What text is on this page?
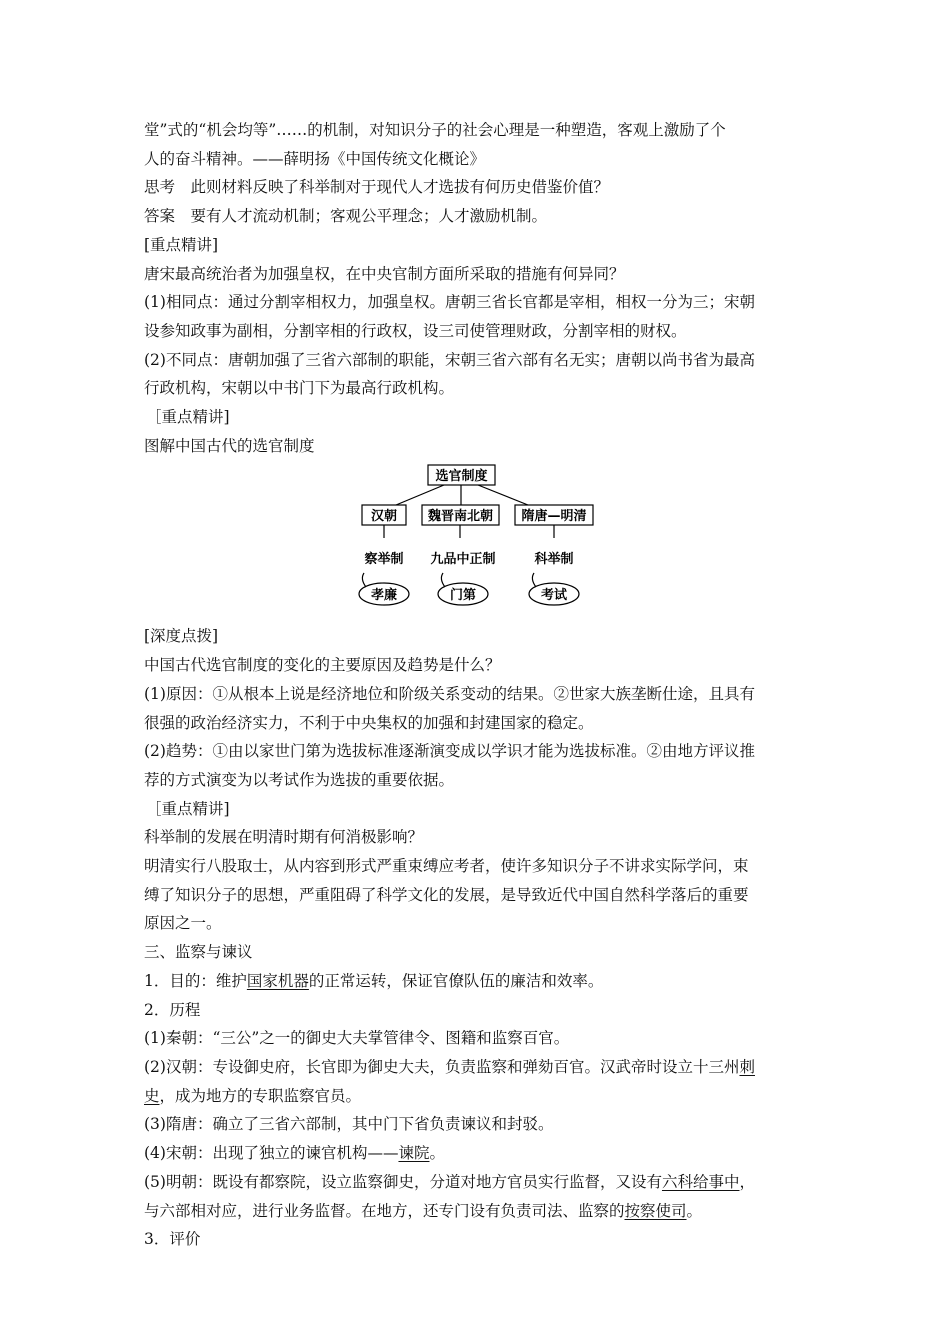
堂”式的“机会均等”……的机制，对知识分子的社会心理是一种塑造，客观上激励了个

人的奋斗精神。——薛明扬《中国传统文化概论》

思考　此则材料反映了科举制对于现代人才选拔有何历史借鉴价值？

答案　要有人才流动机制；客观公平理念；人才激励机制。

[重点精讲]

唐宋最高统治者为加强皇权，在中央官制方面所采取的措施有何异同？

(1)相同点：通过分割宰相权力，加强皇权。唐朝三省长官都是宰相，相权一分为三；宋朝

设参知政事为副相，分割宰相的行政权，设三司使管理财政，分割宰相的财权。

(2)不同点：唐朝加强了三省六部制的职能，宋朝三省六部有名无实；唐朝以尚书省为最高

行政机构，宋朝以中书门下为最高行政机构。

［重点精讲]

图解中国古代的选官制度

选官制度
汉朝 魏晋南北朝 隋唐—明清
察举制 九品中正制	科举制
孝廉	门第	考试

[深度点拨]

中国古代选官制度的变化的主要原因及趋势是什么？

(1)原因：①从根本上说是经济地位和阶级关系变动的结果。②世家大族垄断仕途，且具有

很强的政治经济实力，不利于中央集权的加强和封建国家的稳定。

(2)趋势：①由以家世门第为选拔标准逐渐演变成以学识才能为选拔标准。②由地方评议推

荐的方式演变为以考试作为选拔的重要依据。

［重点精讲]

科举制的发展在明清时期有何消极影响？

明清实行八股取士，从内容到形式严重束缚应考者，使许多知识分子不讲求实际学问，束

缚了知识分子的思想，严重阻碍了科学文化的发展，是导致近代中国自然科学落后的重要

原因之一。

三、监察与谏议

1．目的：维护国家机器的正常运转，保证官僚队伍的廉洁和效率。

2．历程

(1)秦朝：“三公”之一的御史大夫掌管律令、图籍和监察百官。

(2)汉朝：专设御史府，长官即为御史大夫，负责监察和弹劾百官。汉武帝时设立十三州刺

史，成为地方的专职监察官员。

(3)隋唐：确立了三省六部制，其中门下省负责谏议和封驳。

(4)宋朝：出现了独立的谏官机构——谏院。

(5)明朝：既设有都察院，设立监察御史，分道对地方官员实行监督，又设有六科给事中，

与六部相对应，进行业务监督。在地方，还专门设有负责司法、监察的按察使司。

3．评价
